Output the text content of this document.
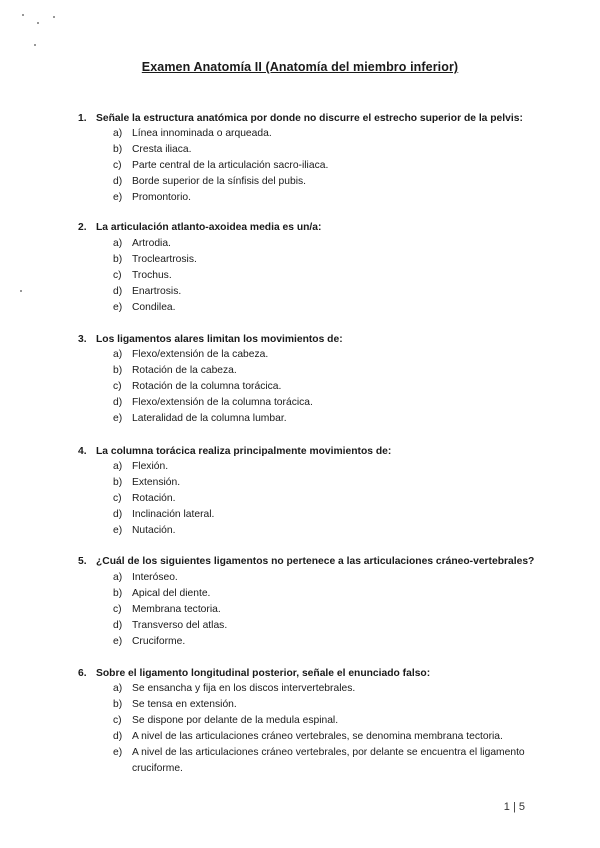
Examen Anatomía II (Anatomía del miembro inferior)
1. Señale la estructura anatómica por donde no discurre el estrecho superior de la pelvis:
a) Línea innominada o arqueada.
b) Cresta iliaca.
c)	Parte central de la articulación sacro-iliaca.
d) Borde superior de la sínfisis del pubis.
e) Promontorio.
2. La articulación atlanto-axoidea media es un/a:
a) Artrodia.
b) Trocleartrosis.
c)	Trochus.
d) Enartrosis.
e) Condilea.
3. Los ligamentos alares limitan los movimientos de:
a) Flexo/extensión de la cabeza.
b) Rotación de la cabeza.
c)	Rotación de la columna torácica.
d) Flexo/extensión de la columna torácica.
e) Lateralidad de la columna lumbar.
4. La columna torácica realiza principalmente movimientos de:
a) Flexión.
b) Extensión.
c)	Rotación.
d) Inclinación lateral.
e) Nutación.
5. ¿Cuál de los siguientes ligamentos no pertenece a las articulaciones cráneo-vertebrales?
a) Interóseo.
b) Apical del diente.
c)	Membrana tectoria.
d) Transverso del atlas.
e) Cruciforme.
6. Sobre el ligamento longitudinal posterior, señale el enunciado falso:
a) Se ensancha y fija en los discos intervertebrales.
b) Se tensa en extensión.
c)	Se dispone por delante de la medula espinal.
d) A nivel de las articulaciones cráneo vertebrales, se denomina membrana tectoria.
e) A nivel de las articulaciones cráneo vertebrales, por delante se encuentra el ligamento cruciforme.
1 | 5
